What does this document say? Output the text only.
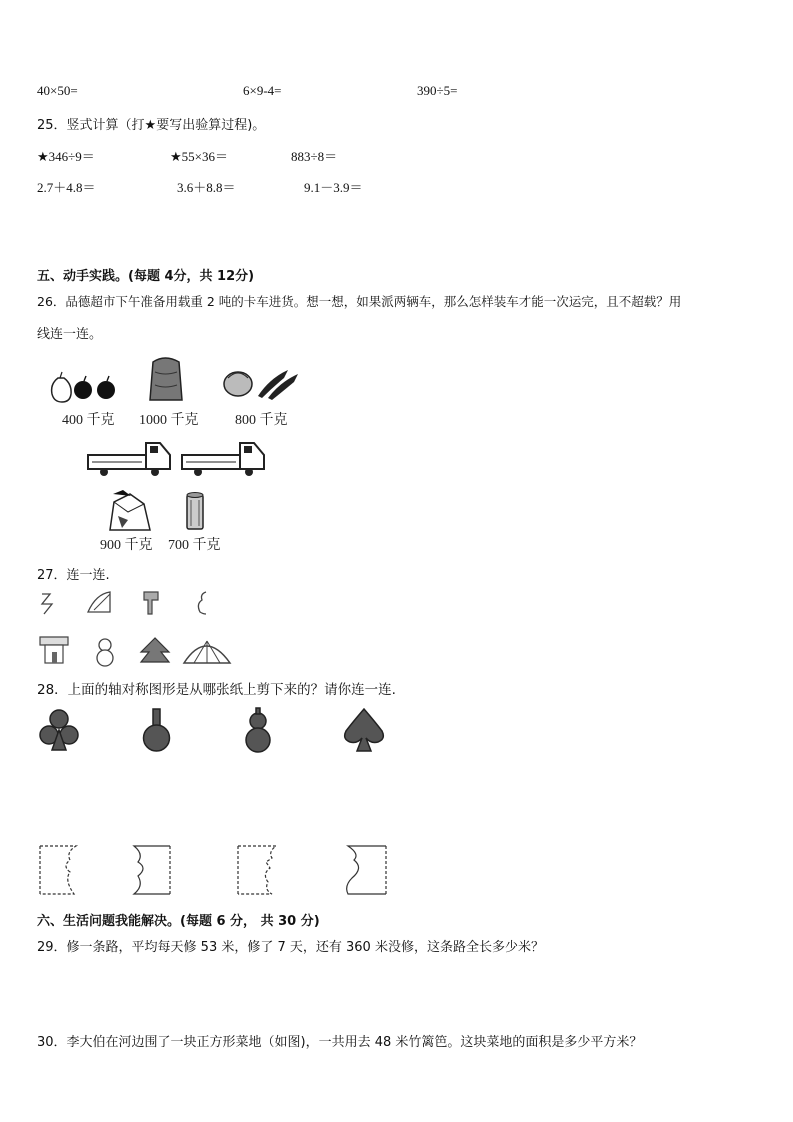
40×50=	6×9-4=	390÷5=
25．竖式计算（打★要写出验算过程)。
★346÷9＝	★55×36＝	883÷8＝
2.7＋4.8＝	3.6＋8.8＝	9.1－3.9＝
五、动手实践。(每题 4分，共 12分)
26．品德超市下午准备用载重 2 吨的卡车进货。想一想，如果派两辆车，那么怎样装车才能一次运完，且不超载？用
线连一连。
400 千克 1000 千克	800 千克
900 千克 700 千克
27．连一连.
28．上面的轴对称图形是从哪张纸上剪下来的？请你连一连.
六、生活问题我能解决。(每题 6 分， 共 30 分)
29．修一条路，平均每天修 53 米，修了 7 天，还有 360 米没修，这条路全长多少米？
30．李大伯在河边围了一块正方形菜地（如图)，一共用去 48 米竹篱笆。这块菜地的面积是多少平方米？
